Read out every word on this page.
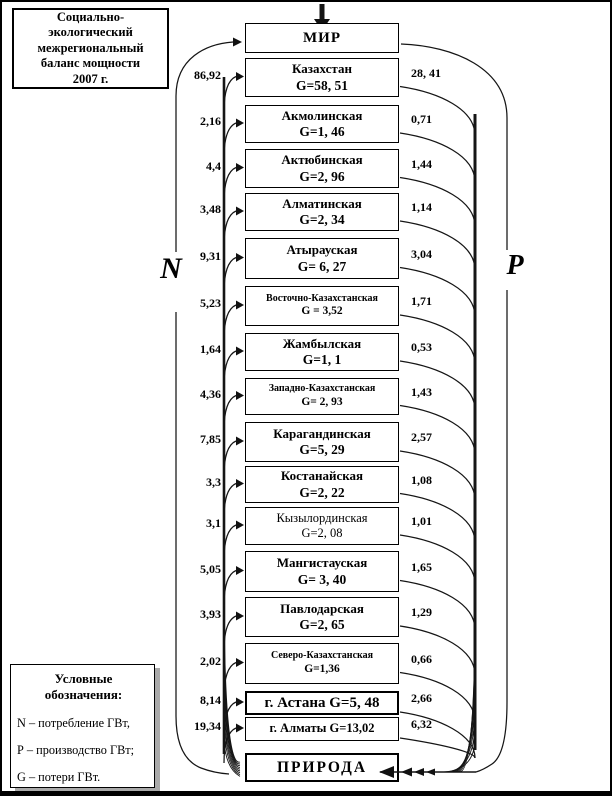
Социально-
экологический
межрегиональный
баланс мощности
2007 г.
Условные
обозначения:
N – потребление ГВт,
Р – производство ГВт;
G – потери ГВт.
МИР
ПРИРОДА
N	P
Казахстан
G=58, 51
86,92	28, 41
Акмолинская
G=1, 46
2,16	0,71
Актюбинская
G=2, 96
4,4	1,44
Алматинская
G=2, 34
3,48	1,14
Атырауская
G= 6, 27
9,31	3,04
Восточно-Казахстанская
G = 3,52
5,23	1,71
Жамбылская
G=1, 1
1,64	0,53
Западно-Казахстанская
G= 2, 93
4,36	1,43
Карагандинская
G=5, 29
7,85	2,57
Костанайская
G=2, 22
3,3	1,08
Кызылординская
G=2, 08
3,1	1,01
Мангистауская
G= 3, 40
5,05	1,65
Павлодарская
G=2, 65
3,93	1,29
Северо-Казахстанская
G=1,36
2,02	0,66
г. Астана G=5, 48
8,14	2,66
г. Алматы G=13,02
19,34	6,32
